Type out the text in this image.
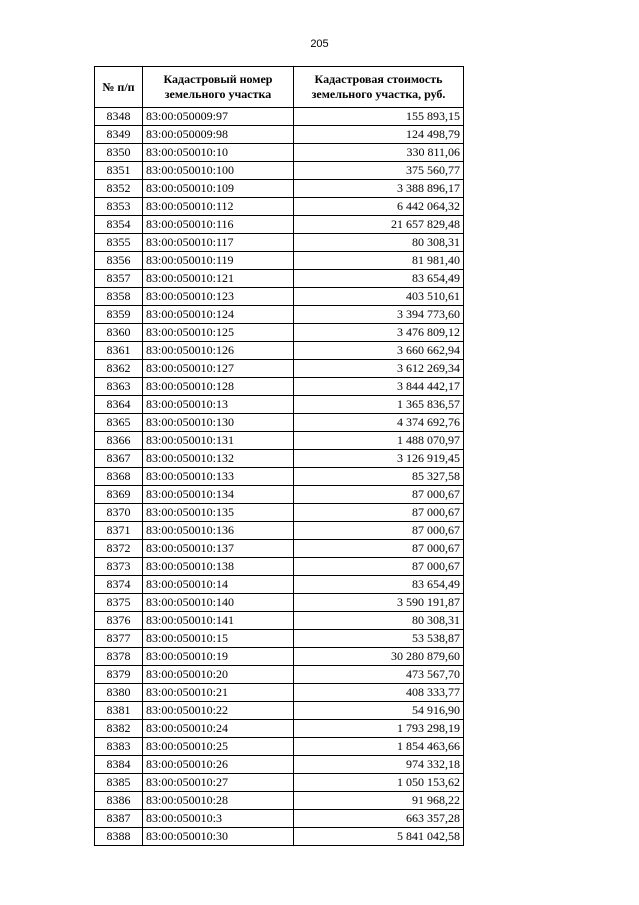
205
№ п/п	Кадастровый номер земельного участка	Кадастровая стоимость земельного участка, руб.
8348	83:00:050009:97	155 893,15
8349	83:00:050009:98	124 498,79
8350	83:00:050010:10	330 811,06
8351	83:00:050010:100	375 560,77
8352	83:00:050010:109	3 388 896,17
8353	83:00:050010:112	6 442 064,32
8354	83:00:050010:116	21 657 829,48
8355	83:00:050010:117	80 308,31
8356	83:00:050010:119	81 981,40
8357	83:00:050010:121	83 654,49
8358	83:00:050010:123	403 510,61
8359	83:00:050010:124	3 394 773,60
8360	83:00:050010:125	3 476 809,12
8361	83:00:050010:126	3 660 662,94
8362	83:00:050010:127	3 612 269,34
8363	83:00:050010:128	3 844 442,17
8364	83:00:050010:13	1 365 836,57
8365	83:00:050010:130	4 374 692,76
8366	83:00:050010:131	1 488 070,97
8367	83:00:050010:132	3 126 919,45
8368	83:00:050010:133	85 327,58
8369	83:00:050010:134	87 000,67
8370	83:00:050010:135	87 000,67
8371	83:00:050010:136	87 000,67
8372	83:00:050010:137	87 000,67
8373	83:00:050010:138	87 000,67
8374	83:00:050010:14	83 654,49
8375	83:00:050010:140	3 590 191,87
8376	83:00:050010:141	80 308,31
8377	83:00:050010:15	53 538,87
8378	83:00:050010:19	30 280 879,60
8379	83:00:050010:20	473 567,70
8380	83:00:050010:21	408 333,77
8381	83:00:050010:22	54 916,90
8382	83:00:050010:24	1 793 298,19
8383	83:00:050010:25	1 854 463,66
8384	83:00:050010:26	974 332,18
8385	83:00:050010:27	1 050 153,62
8386	83:00:050010:28	91 968,22
8387	83:00:050010:3	663 357,28
8388	83:00:050010:30	5 841 042,58
